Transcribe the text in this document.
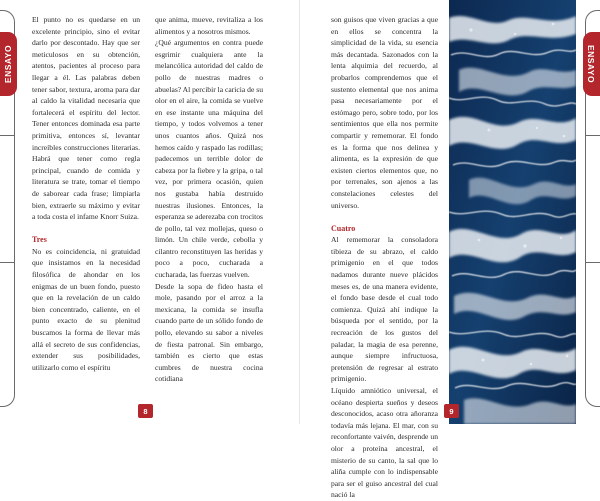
ENSAYO

El punto no es quedarse en un excelente principio, sino el evitar darlo por descontado. Hay que ser meticulosos en su obtención, atentos, pacientes al proceso para llegar a él. Las palabras deben tener sabor, textura, aroma para dar al caldo la vitalidad necesaria que fortalecerá el espíritu del lector. Tener entonces dominada esa parte primitiva, entonces sí, levantar increíbles construcciones literarias. Habrá que tener como regla principal, cuando de comida y literatura se trate, tomar el tiempo de saborear cada frase; limpiarla bien, extraerle su máximo y evitar a toda costa el infame Knorr Suiza.

Tres

No es coincidencia, ni gratuidad que insistamos en la necesidad filosófica de ahondar en los enigmas de un buen fondo, puesto que en la revelación de un caldo bien concentrado, caliente, en el punto exacto de su plenitud buscamos la forma de llevar más allá el secreto de sus confidencias, extender sus posibilidades, utilizarlo como el espíritu

que anima, mueve, revitaliza a los alimentos y a nosotros mismos.

¿Qué argumentos en contra puede esgrimir cualquiera ante la melancólica autoridad del caldo de pollo de nuestras madres o abuelas? Al percibir la caricia de su olor en el aire, la comida se vuelve en ese instante una máquina del tiempo, y todos volvemos a tener unos cuantos años. Quizá nos hemos caído y raspado las rodillas; padecemos un terrible dolor de cabeza por la fiebre y la gripa, o tal vez, por primera ocasión, quien nos gustaba había destruido nuestras ilusiones. Entonces, la esperanza se aderezaba con trocitos de pollo, tal vez mollejas, queso o limón. Un chile verde, cebolla y cilantro reconstituyen las heridas y poco a poco, cucharada a cucharada, las fuerzas vuelven.

Desde la sopa de fideo hasta el mole, pasando por el arroz a la mexicana, la comida se insufla cuando parte de un sólido fondo de pollo, elevando su sabor a niveles de fiesta patronal. Sin embargo, también es cierto que estas cumbres de nuestra cocina cotidiana

8
ENSAYO

son guisos que viven gracias a que en ellos se concentra la simplicidad de la vida, su esencia más decantada. Sazonados con la lenta alquimia del recuerdo, al probarlos comprendemos que el sustento elemental que nos anima pasa necesariamente por el estómago pero, sobre todo, por los sentimientos que ella nos permite compartir y rememorar. El fondo es la forma que nos delinea y alimenta, es la expresión de que existen ciertos elementos que, no por terrenales, son ajenos a las constelaciones celestes del universo.

Cuatro

Al rememorar la consoladora tibieza de su abrazo, el caldo primigenio en el que todos nadamos durante nueve plácidos meses es, de una manera evidente, el fondo base desde el cual todo comienza. Quizá ahí indique la búsqueda por el sentido, por la recreación de los gustos del paladar, la magia de esa perenne, aunque siempre infructuosa, pretensión de regresar al estrato primigenio.

Líquido amniótico universal, el océano despierta sueños y deseos desconocidos, acaso otra añoranza todavía más lejana. El mar, con su reconfortante vaivén, desprende un olor a proteína ancestral, el misterio de su canto, la sal que lo aliña cumple con lo indispensable para ser el guiso ancestral del cual nació la

9
